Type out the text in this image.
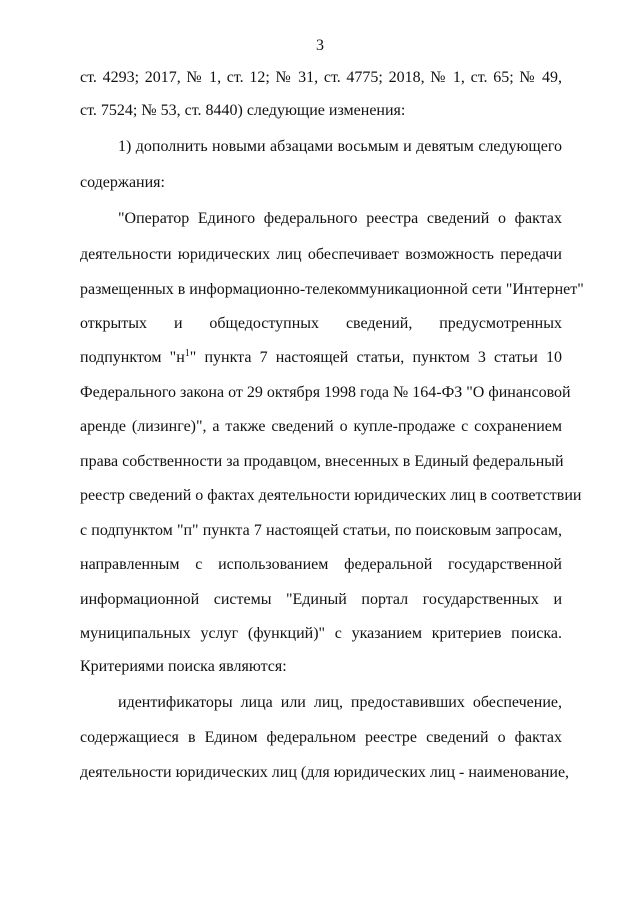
3
ст. 4293; 2017, № 1, ст. 12; № 31, ст. 4775; 2018, № 1, ст. 65; № 49,
ст. 7524; № 53, ст. 8440) следующие изменения:
1) дополнить новыми абзацами восьмым и девятым следующего
содержания:
"Оператор Единого федерального реестра сведений о фактах
деятельности юридических лиц обеспечивает возможность передачи
размещенных в информационно-телекоммуникационной сети "Интернет"
открытых и общедоступных сведений, предусмотренных
подпунктом "$н^1$" пункта 7 настоящей статьи, пунктом 3 статьи 10
Федерального закона от 29 октября 1998 года № 164-ФЗ "О финансовой
аренде (лизинге)", а также сведений о купле-продаже с сохранением
права собственности за продавцом, внесенных в Единый федеральный
реестр сведений о фактах деятельности юридических лиц в соответствии
с подпунктом "п" пункта 7 настоящей статьи, по поисковым запросам,
направленным с использованием федеральной государственной
информационной системы "Единый портал государственных и
муниципальных услуг (функций)" с указанием критериев поиска.
Критериями поиска являются:
идентификаторы лица или лиц, предоставивших обеспечение,
содержащиеся в Едином федеральном реестре сведений о фактах
деятельности юридических лиц (для юридических лиц - наименование,
